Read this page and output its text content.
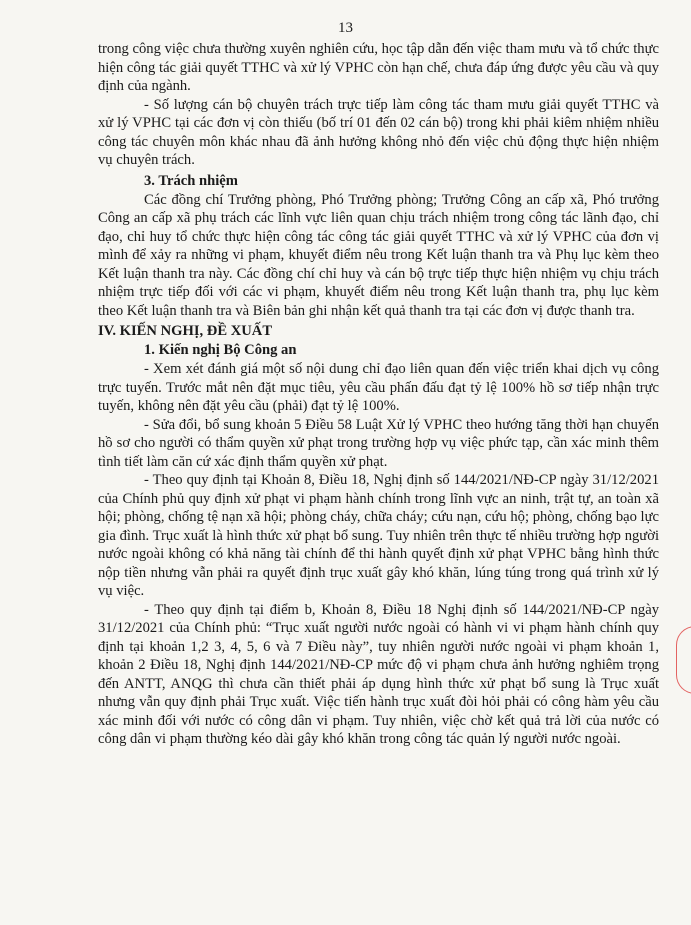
13

trong công việc chưa thường xuyên nghiên cứu, học tập dẫn đến việc tham mưu và tổ chức thực hiện công tác giải quyết TTHC và xử lý VPHC còn hạn chế, chưa đáp ứng được yêu cầu và quy định của ngành.

- Số lượng cán bộ chuyên trách trực tiếp làm công tác tham mưu giải quyết TTHC và xử lý VPHC tại các đơn vị còn thiếu (bố trí 01 đến 02 cán bộ) trong khi phải kiêm nhiệm nhiều công tác chuyên môn khác nhau đã ảnh hưởng không nhỏ đến việc chủ động thực hiện nhiệm vụ chuyên trách.

3. Trách nhiệm

Các đồng chí Trưởng phòng, Phó Trưởng phòng; Trưởng Công an cấp xã, Phó trưởng Công an cấp xã phụ trách các lĩnh vực liên quan chịu trách nhiệm trong công tác lãnh đạo, chỉ đạo, chỉ huy tổ chức thực hiện công tác công tác giải quyết TTHC và xử lý VPHC của đơn vị mình để xảy ra những vi phạm, khuyết điểm nêu trong Kết luận thanh tra và Phụ lục kèm theo Kết luận thanh tra này. Các đồng chí chỉ huy và cán bộ trực tiếp thực hiện nhiệm vụ chịu trách nhiệm trực tiếp đối với các vi phạm, khuyết điểm nêu trong Kết luận thanh tra, phụ lục kèm theo Kết luận thanh tra và Biên bản ghi nhận kết quả thanh tra tại các đơn vị được thanh tra.

IV. KIẾN NGHỊ, ĐỀ XUẤT
1. Kiến nghị Bộ Công an

- Xem xét đánh giá một số nội dung chỉ đạo liên quan đến việc triển khai dịch vụ công trực tuyến. Trước mắt nên đặt mục tiêu, yêu cầu phấn đấu đạt tỷ lệ 100% hồ sơ tiếp nhận trực tuyến, không nên đặt yêu cầu (phải) đạt tỷ lệ 100%.

- Sửa đổi, bổ sung khoản 5 Điều 58 Luật Xử lý VPHC theo hướng tăng thời hạn chuyển hồ sơ cho người có thẩm quyền xử phạt trong trường hợp vụ việc phức tạp, cần xác minh thêm tình tiết làm căn cứ xác định thẩm quyền xử phạt.

- Theo quy định tại Khoản 8, Điều 18, Nghị định số 144/2021/NĐ-CP ngày 31/12/2021 của Chính phủ quy định xử phạt vi phạm hành chính trong lĩnh vực an ninh, trật tự, an toàn xã hội; phòng, chống tệ nạn xã hội; phòng cháy, chữa cháy; cứu nạn, cứu hộ; phòng, chống bạo lực gia đình. Trục xuất là hình thức xử phạt bổ sung. Tuy nhiên trên thực tế nhiều trường hợp người nước ngoài không có khả năng tài chính để thi hành quyết định xử phạt VPHC bằng hình thức nộp tiền nhưng vẫn phải ra quyết định trục xuất gây khó khăn, lúng túng trong quá trình xử lý vụ việc.

- Theo quy định tại điểm b, Khoản 8, Điều 18 Nghị định số 144/2021/NĐ-CP ngày 31/12/2021 của Chính phủ: “Trục xuất người nước ngoài có hành vi vi phạm hành chính quy định tại khoản 1,2 3, 4, 5, 6 và 7 Điều này”, tuy nhiên người nước ngoài vi phạm khoản 1, khoản 2 Điều 18, Nghị định 144/2021/NĐ-CP mức độ vi phạm chưa ảnh hưởng nghiêm trọng đến ANTT, ANQG thì chưa cần thiết phải áp dụng hình thức xử phạt bổ sung là Trục xuất nhưng vẫn quy định phải Trục xuất. Việc tiến hành trục xuất đòi hỏi phải có công hàm yêu cầu xác minh đối với nước có công dân vi phạm. Tuy nhiên, việc chờ kết quả trả lời của nước có công dân vi phạm thường kéo dài gây khó khăn trong công tác quản lý người nước ngoài.
